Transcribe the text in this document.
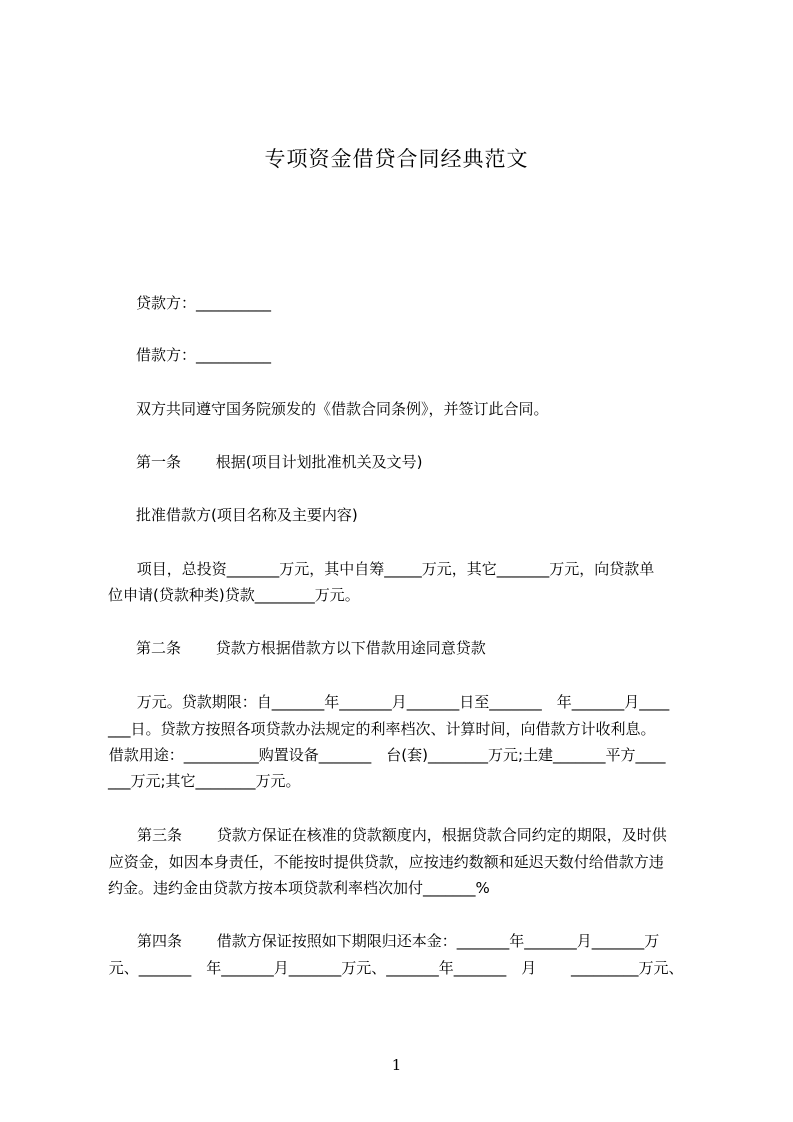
专项资金借贷合同经典范文
贷款方：__________
借款方：__________
双方共同遵守国务院颁发的《借款合同条例》，并签订此合同。
第一条　　 根据(项目计划批准机关及文号)
批准借款方(项目名称及主要内容)
项目，总投资_______万元，其中自筹_____万元，其它_______万元，向贷款单
位申请(贷款种类)贷款________万元。
第二条　　 贷款方根据借款方以下借款用途同意贷款
万元。贷款期限：自_______年_______月_______日至_______　年_______月____
___日。贷款方按照各项贷款办法规定的利率档次、计算时间，向借款方计收利息。
借款用途：__________购置设备_______　台(套)________万元;土建_______平方____
___万元;其它________万元。
　第三条　　 贷款方保证在核准的贷款额度内，根据贷款合同约定的期限，及时供
应资金，如因本身责任，不能按时提供贷款，应按违约数额和延迟天数付给借款方违
约金。违约金由贷款方按本项贷款利率档次加付_______%
　第四条　　 借款方保证按照如下期限归还本金：_______年_______月_______万
元、_______　年_______月_______万元、_______年_______　月　　 _________万元、
1
